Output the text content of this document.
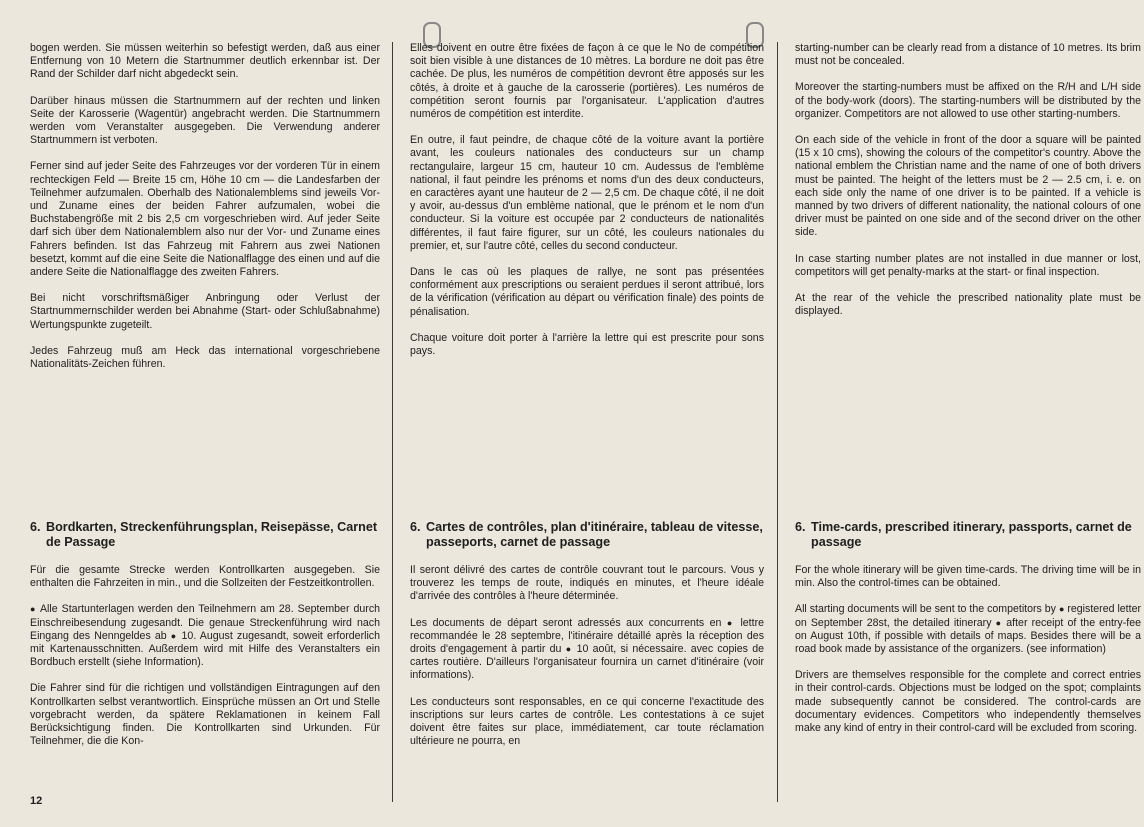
bogen werden. Sie müssen weiterhin so befestigt werden, daß aus einer Entfernung von 10 Metern die Startnummer deutlich erkennbar ist. Der Rand der Schilder darf nicht abgedeckt sein.

Darüber hinaus müssen die Startnummern auf der rechten und linken Seite der Karosserie (Wagentür) angebracht werden. Die Startnummern werden vom Veranstalter ausgegeben. Die Verwendung anderer Startnummern ist verboten.

Ferner sind auf jeder Seite des Fahrzeuges vor der vorderen Tür in einem rechteckigen Feld — Breite 15 cm, Höhe 10 cm — die Landesfarben der Teilnehmer aufzumalen. Oberhalb des Nationalemblems sind jeweils Vor- und Zuname eines der beiden Fahrer aufzumalen, wobei die Buchstabengröße mit 2 bis 2,5 cm vorgeschrieben wird. Auf jeder Seite darf sich über dem Nationalemblem also nur der Vor- und Zuname eines Fahrers befinden. Ist das Fahrzeug mit Fahrern aus zwei Nationen besetzt, kommt auf die eine Seite die Nationalflagge des einen und auf die andere Seite die Nationalflagge des zweiten Fahrers.

Bei nicht vorschriftsmäßiger Anbringung oder Verlust der Startnummernschilder werden bei Abnahme (Start- oder Schlußabnahme) Wertungspunkte zugeteilt.

Jedes Fahrzeug muß am Heck das international vorgeschriebene Nationalitäts-Zeichen führen.

Elles doivent en outre être fixées de façon à ce que le No de compétition soit bien visible à une distances de 10 mètres. La bordure ne doit pas être cachée. De plus, les numéros de compétition devront être apposés sur les côtés, à droite et à gauche de la carosserie (portières). Les numéros de compétition seront fournis par l'organisateur. L'application d'autres numéros de compétition est interdite.

En outre, il faut peindre, de chaque côté de la voiture avant la portière avant, les couleurs nationales des conducteurs sur un champ rectangulaire, largeur 15 cm, hauteur 10 cm. Audessus de l'emblème national, il faut peindre les prénoms et noms d'un des deux conducteurs, en caractères ayant une hauteur de 2 — 2,5 cm. De chaque côté, il ne doit y avoir, au-dessus d'un emblème national, que le prénom et le nom d'un conducteur. Si la voiture est occupée par 2 conducteurs de nationalités différentes, il faut faire figurer, sur un côté, les couleurs nationales du premier, et, sur l'autre côté, celles du second conducteur.

Dans le cas où les plaques de rallye, ne sont pas présentées conformément aux prescriptions ou seraient perdues il seront attribué, lors de la vérification (vérification au départ ou vérification finale) des points de pénalisation.

Chaque voiture doit porter à l'arrière la lettre qui est prescrite pour sons pays.

starting-number can be clearly read from a distance of 10 metres. Its brim must not be concealed.

Moreover the starting-numbers must be affixed on the R/H and L/H side of the body-work (doors). The starting-numbers will be distributed by the organizer. Competitors are not allowed to use other starting-numbers.

On each side of the vehicle in front of the door a square will be painted (15 x 10 cms), showing the colours of the competitor's country. Above the national emblem the Christian name and the name of one of both drivers must be painted. The height of the letters must be 2 — 2.5 cm, i. e. on each side only the name of one driver is to be painted. If a vehicle is manned by two drivers of different nationality, the national colours of one driver must be painted on one side and of the second driver on the other side.

In case starting number plates are not installed in due manner or lost, competitors will get penalty-marks at the start- or final inspection.

At the rear of the vehicle the prescribed nationality plate must be displayed.

6. Bordkarten, Streckenführungsplan, Reisepässe, Carnet de Passage

Für die gesamte Strecke werden Kontrollkarten ausgegeben. Sie enthalten die Fahrzeiten in min., und die Sollzeiten der Festzeitkontrollen.

● Alle Startunterlagen werden den Teilnehmern am 28. September durch Einschreibesendung zugesandt. Die genaue Streckenführung wird nach Eingang des Nenngeldes ab ● 10. August zugesandt, soweit erforderlich mit Kartenausschnitten. Außerdem wird mit Hilfe des Veranstalters ein Bordbuch erstellt (siehe Information).

Die Fahrer sind für die richtigen und vollständigen Eintragungen auf den Kontrollkarten selbst verantwortlich. Einsprüche müssen an Ort und Stelle vorgebracht werden, da spätere Reklamationen in keinem Fall Berücksichtigung finden. Die Kontrollkarten sind Urkunden. Für Teilnehmer, die die Kon-

6. Cartes de contrôles, plan d'itinéraire, tableau de vitesse, passeports, carnet de passage

Il seront délivré des cartes de contrôle couvrant tout le parcours. Vous y trouverez les temps de route, indiqués en minutes, et l'heure idéale d'arrivée des contrôles à l'heure déterminée.

Les documents de départ seront adressés aux concurrents en ● lettre recommandée le 28 septembre, l'itinéraire détaillé après la réception des droits d'engagement à partir du ● 10 août, si nécessaire. avec copies de cartes routière. D'ailleurs l'organisateur fournira un carnet d'itinéraire (voir informations).

Les conducteurs sont responsables, en ce qui concerne l'exactitude des inscriptions sur leurs cartes de contrôle. Les contestations à ce sujet doivent être faites sur place, immédiatement, car toute réclamation ultérieure ne pourra, en

6. Time-cards, prescribed itinerary, passports, carnet de passage

For the whole itinerary will be given time-cards. The driving time will be in min. Also the control-times can be obtained.

All starting documents will be sent to the competitors by ● registered letter on September 28st, the detailed itinerary ● after receipt of the entry-fee on August 10th, if possible with details of maps. Besides there will be a road book made by assistance of the organizers. (see information)

Drivers are themselves responsible for the complete and correct entries in their control-cards. Objections must be lodged on the spot; complaints made subsequently cannot be considered. The control-cards are documentary evidences. Competitors who independently themselves make any kind of entry in their control-card will be excluded from scoring.

12
